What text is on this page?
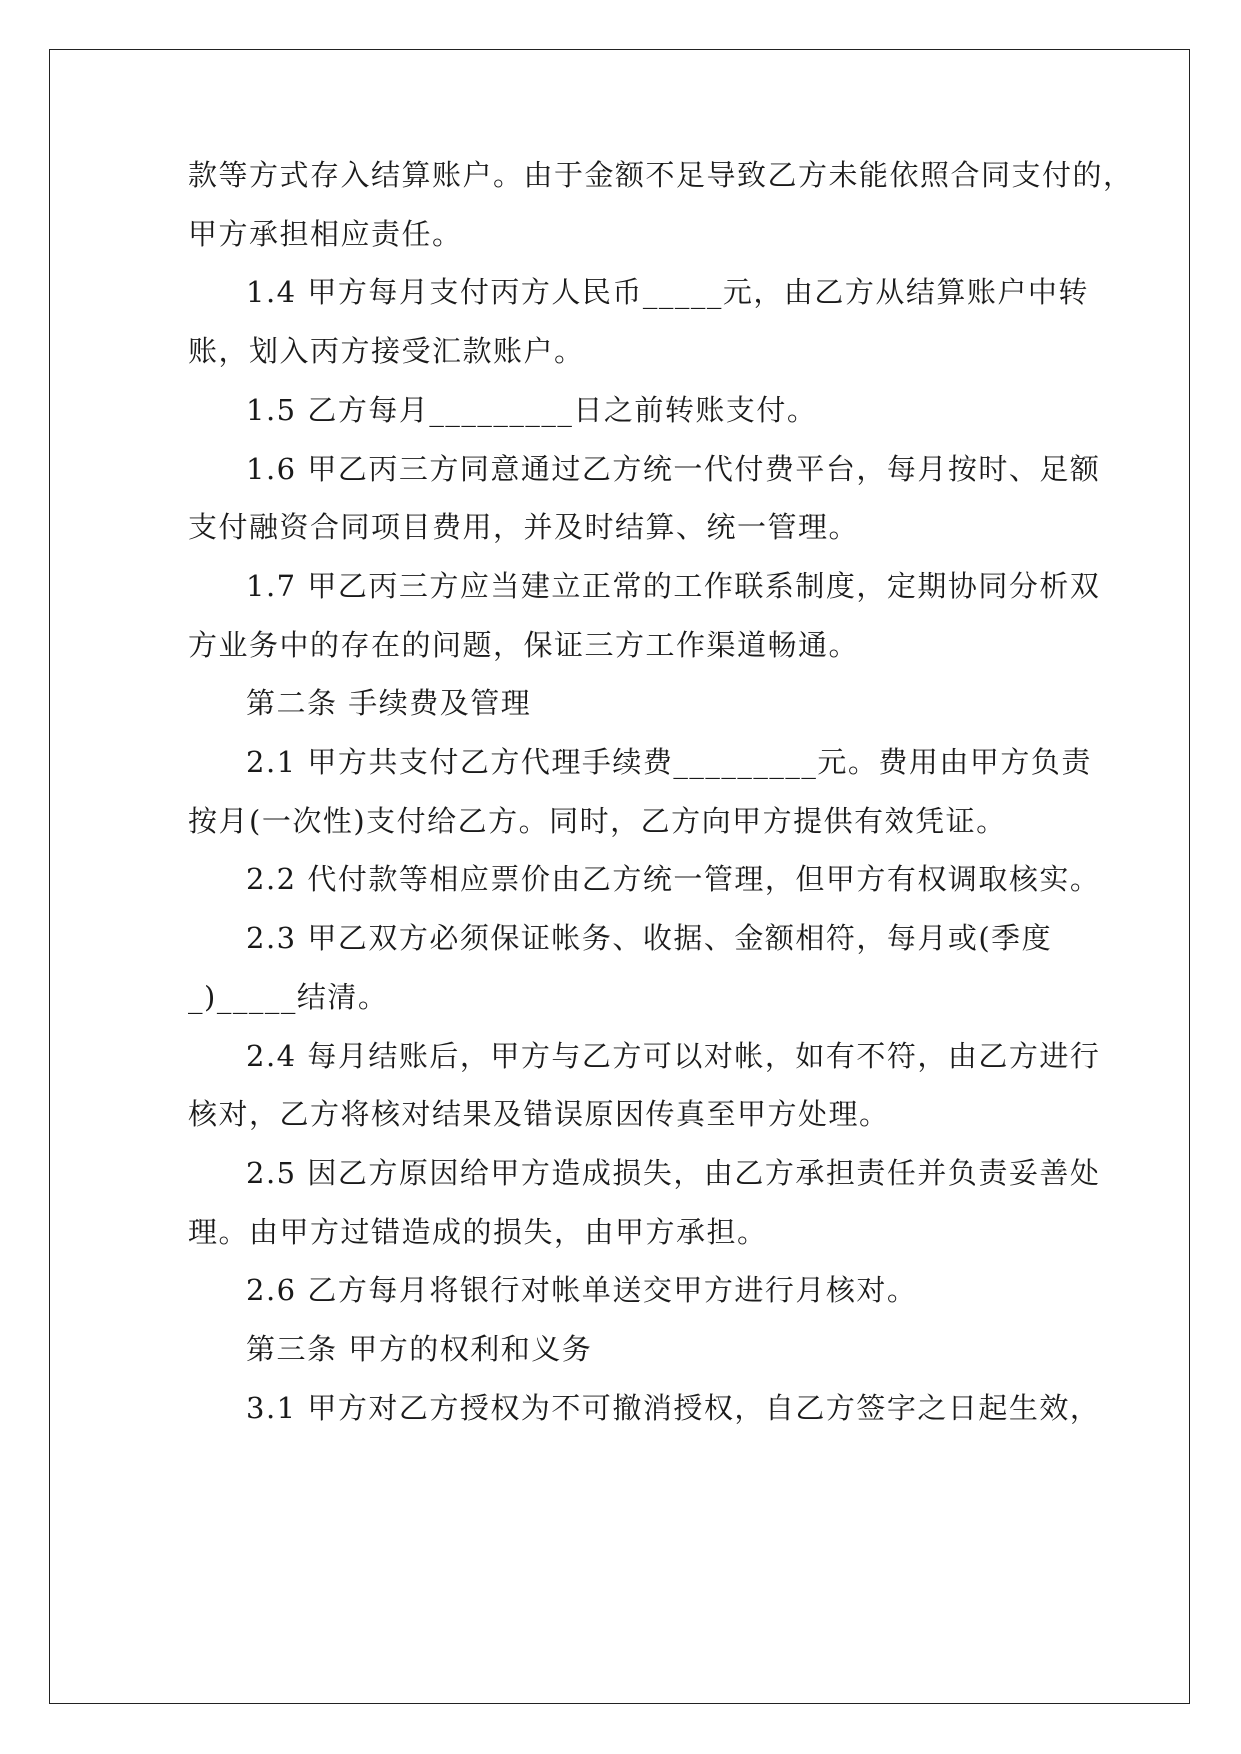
款等方式存入结算账户。由于金额不足导致乙方未能依照合同支付的，
甲方承担相应责任。
1.4 甲方每月支付丙方人民币_____元，由乙方从结算账户中转
账，划入丙方接受汇款账户。
1.5 乙方每月_________日之前转账支付。
1.6 甲乙丙三方同意通过乙方统一代付费平台，每月按时、足额
支付融资合同项目费用，并及时结算、统一管理。
1.7 甲乙丙三方应当建立正常的工作联系制度，定期协同分析双
方业务中的存在的问题，保证三方工作渠道畅通。
第二条 手续费及管理
2.1 甲方共支付乙方代理手续费_________元。费用由甲方负责
按月(一次性)支付给乙方。同时，乙方向甲方提供有效凭证。
2.2 代付款等相应票价由乙方统一管理，但甲方有权调取核实。
2.3 甲乙双方必须保证帐务、收据、金额相符，每月或(季度
_)_____结清。
2.4 每月结账后，甲方与乙方可以对帐，如有不符，由乙方进行
核对，乙方将核对结果及错误原因传真至甲方处理。
2.5 因乙方原因给甲方造成损失，由乙方承担责任并负责妥善处
理。由甲方过错造成的损失，由甲方承担。
2.6 乙方每月将银行对帐单送交甲方进行月核对。
第三条 甲方的权利和义务
3.1 甲方对乙方授权为不可撤消授权，自乙方签字之日起生效，
